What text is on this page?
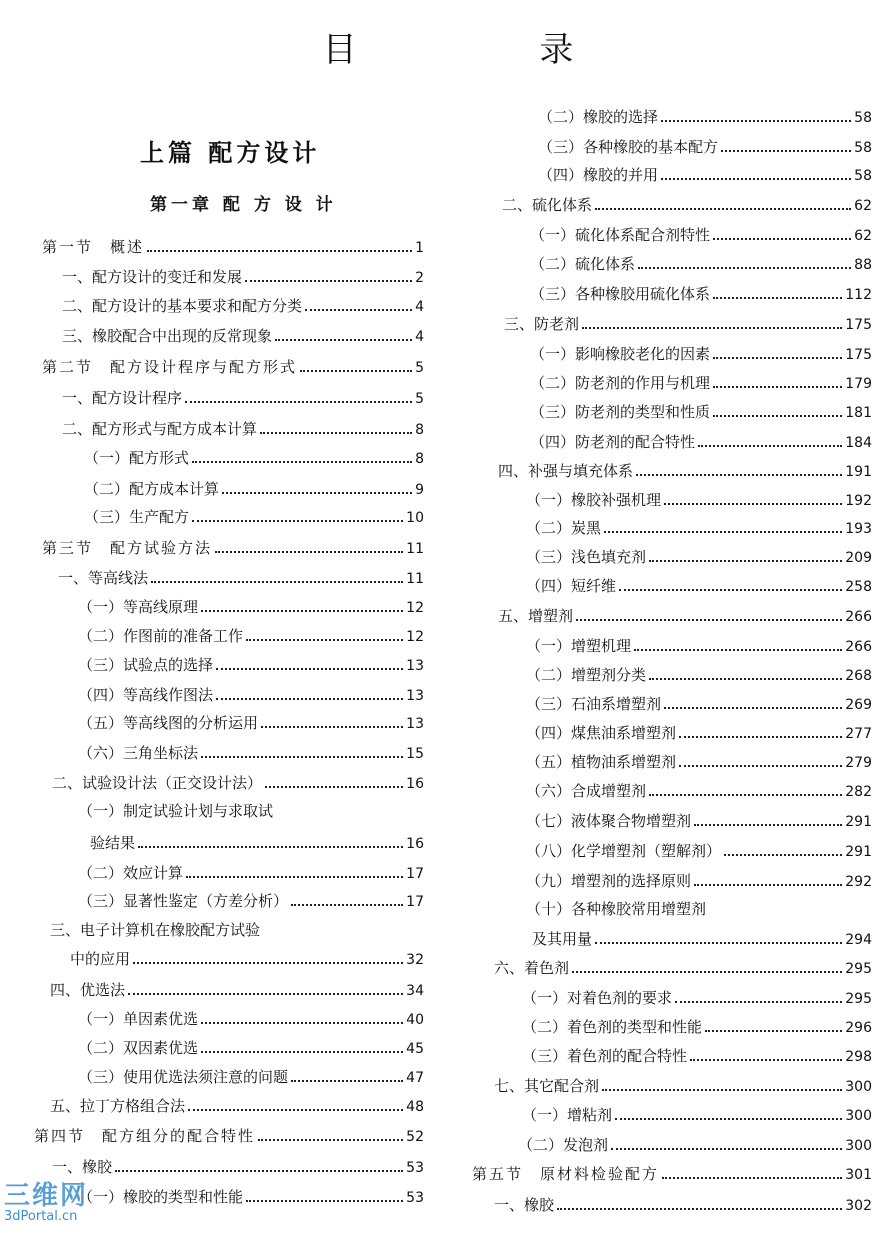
目 录
上篇 配方设计
第一章 配 方 设 计
第一节　概述	1
一、配方设计的变迁和发展	2
二、配方设计的基本要求和配方分类	4
三、橡胶配合中出现的反常现象	4
第二节　配方设计程序与配方形式	5
一、配方设计程序	5
二、配方形式与配方成本计算	8
（一）配方形式	8
（二）配方成本计算	9
（三）生产配方	10
第三节　配方试验方法	11
一、等高线法	11
（一）等高线原理	12
（二）作图前的准备工作	12
（三）试验点的选择	13
（四）等高线作图法	13
（五）等高线图的分析运用	13
（六）三角坐标法	15
二、试验设计法（正交设计法）	16
（一）制定试验计划与求取试
验结果	16
（二）效应计算	17
（三）显著性鉴定（方差分析）	17
三、电子计算机在橡胶配方试验
中的应用	32
四、优选法	34
（一）单因素优选	40
（二）双因素优选	45
（三）使用优选法须注意的问题	47
五、拉丁方格组合法	48
第四节　配方组分的配合特性	52
一、橡胶	53
（一）橡胶的类型和性能	53
（二）橡胶的选择	58
（三）各种橡胶的基本配方	58
（四）橡胶的并用	58
二、硫化体系	62
（一）硫化体系配合剂特性	62
（二）硫化体系	88
（三）各种橡胶用硫化体系	112
三、防老剂	175
（一）影响橡胶老化的因素	175
（二）防老剂的作用与机理	179
（三）防老剂的类型和性质	181
（四）防老剂的配合特性	184
四、补强与填充体系	191
（一）橡胶补强机理	192
（二）炭黑	193
（三）浅色填充剂	209
（四）短纤维	258
五、增塑剂	266
（一）增塑机理	266
（二）增塑剂分类	268
（三）石油系增塑剂	269
（四）煤焦油系增塑剂	277
（五）植物油系增塑剂	279
（六）合成增塑剂	282
（七）液体聚合物增塑剂	291
（八）化学增塑剂（塑解剂）	291
（九）增塑剂的选择原则	292
（十）各种橡胶常用增塑剂
及其用量	294
六、着色剂	295
（一）对着色剂的要求	295
（二）着色剂的类型和性能	296
（三）着色剂的配合特性	298
七、其它配合剂	300
（一）增粘剂	300
（二）发泡剂	300
第五节　原材料检验配方	301
一、橡胶	302
三维网
3dPortal.cn
